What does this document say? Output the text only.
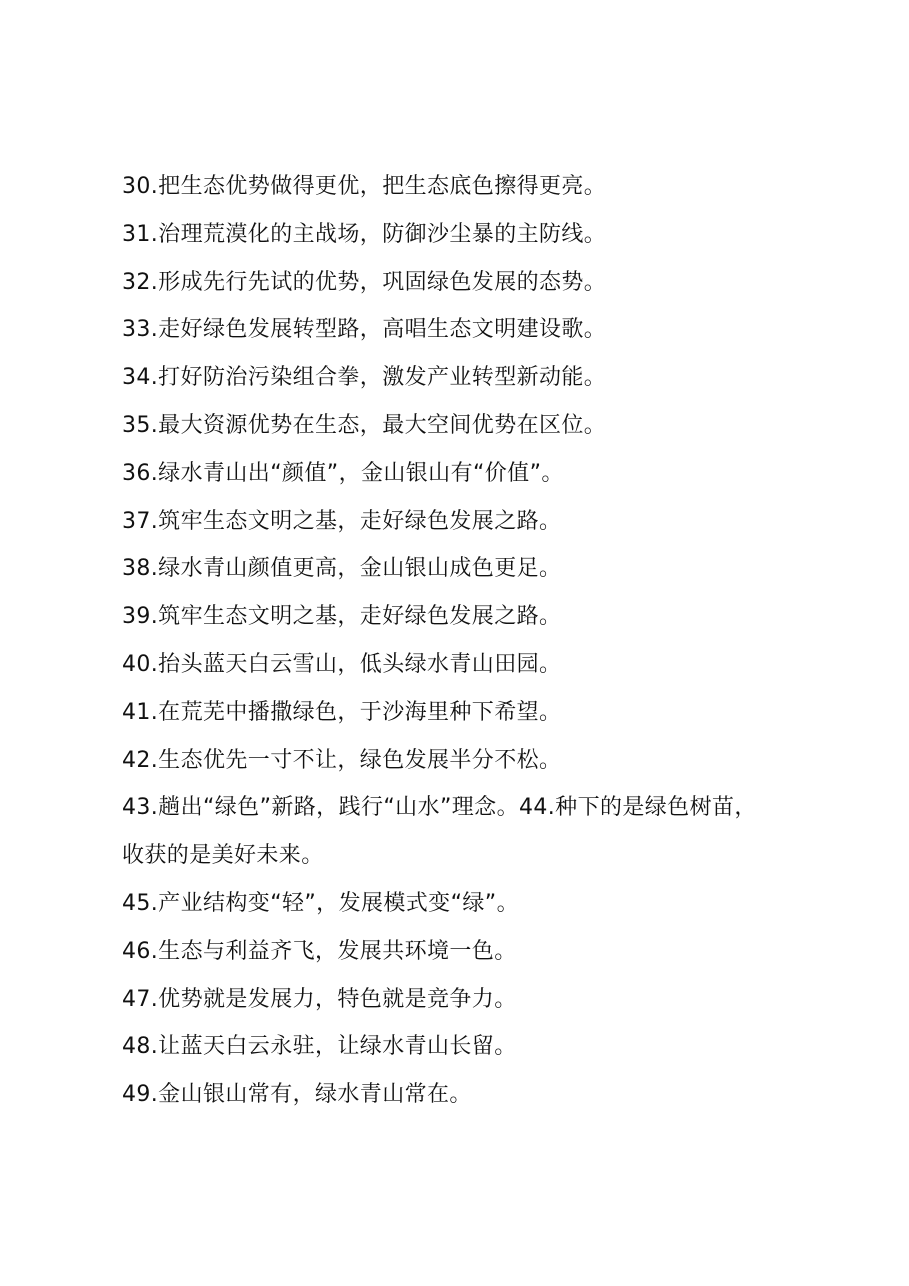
30.把生态优势做得更优，把生态底色擦得更亮。

31.治理荒漠化的主战场，防御沙尘暴的主防线。

32.形成先行先试的优势，巩固绿色发展的态势。

33.走好绿色发展转型路，高唱生态文明建设歌。

34.打好防治污染组合拳，激发产业转型新动能。

35.最大资源优势在生态，最大空间优势在区位。

36.绿水青山出“颜值”，金山银山有“价值”。

37.筑牢生态文明之基，走好绿色发展之路。

38.绿水青山颜值更高，金山银山成色更足。

39.筑牢生态文明之基，走好绿色发展之路。

40.抬头蓝天白云雪山，低头绿水青山田园。

41.在荒芜中播撒绿色，于沙海里种下希望。

42.生态优先一寸不让，绿色发展半分不松。

43.趟出“绿色”新路，践行“山水”理念。44.种下的是绿色树苗，

收获的是美好未来。

45.产业结构变“轻”，发展模式变“绿”。

46.生态与利益齐飞，发展共环境一色。

47.优势就是发展力，特色就是竞争力。

48.让蓝天白云永驻，让绿水青山长留。

49.金山银山常有，绿水青山常在。
